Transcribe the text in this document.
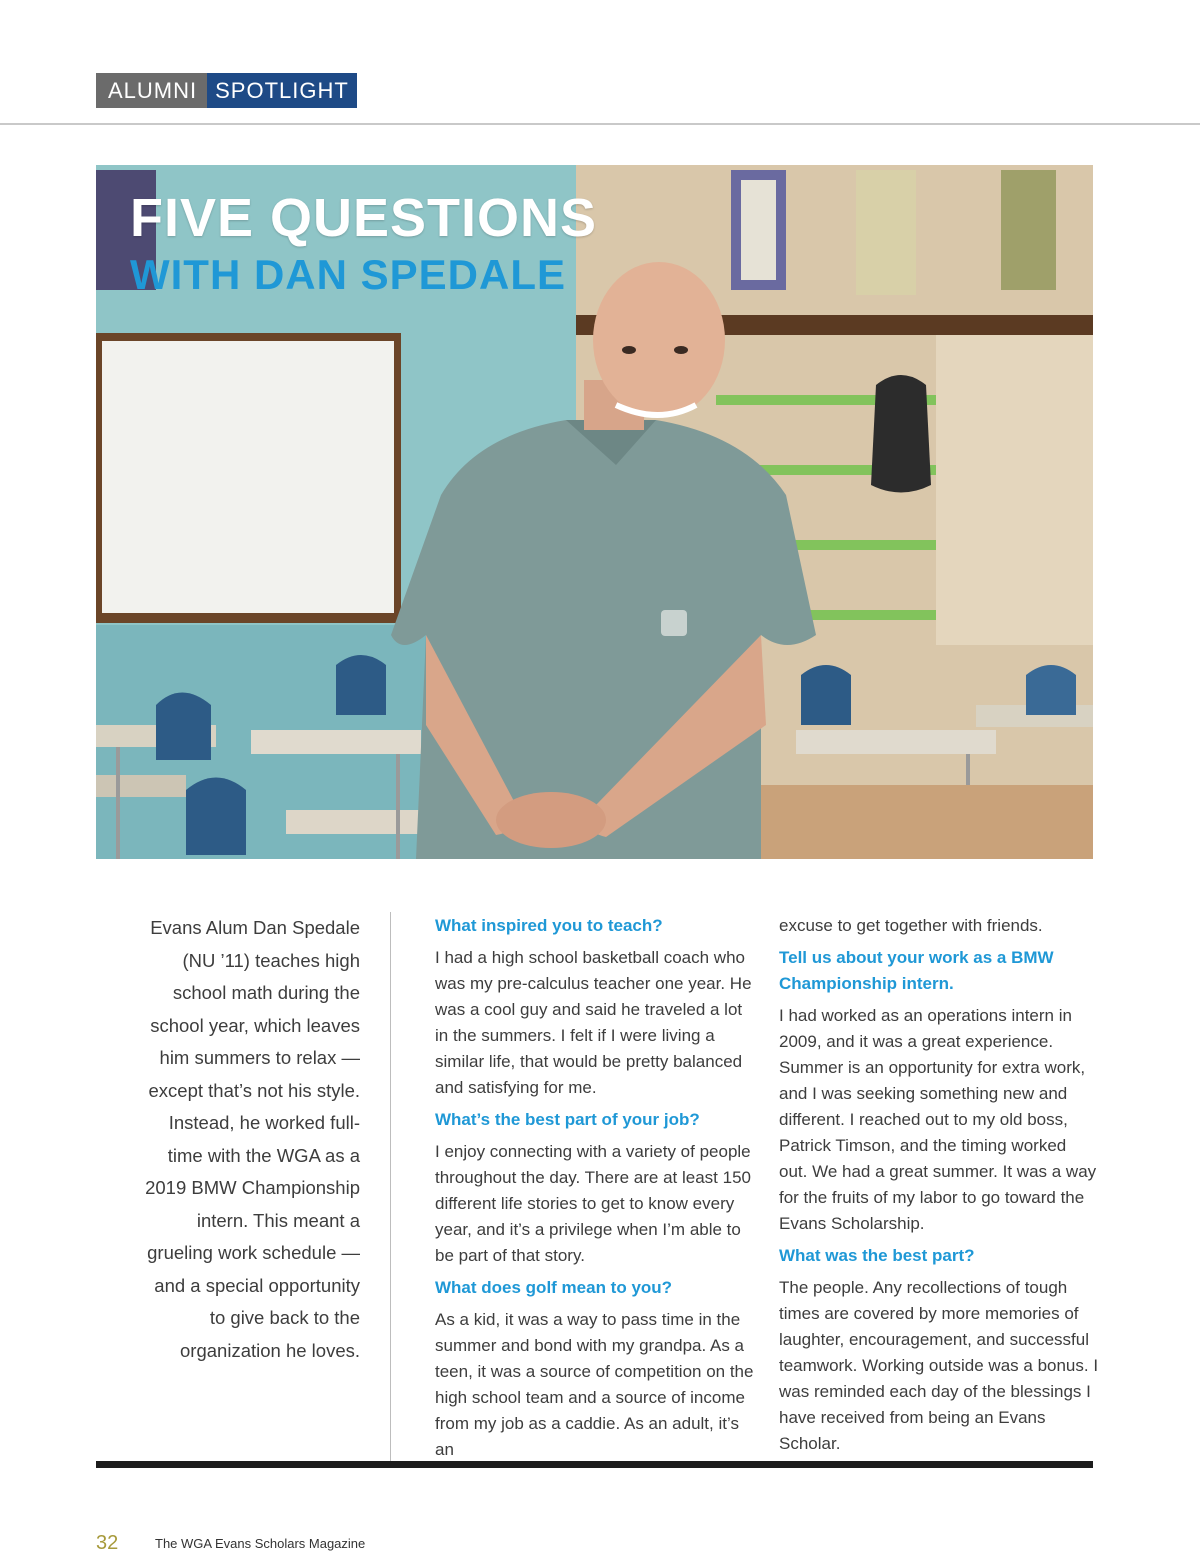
ALUMNI SPOTLIGHT
FIVE QUESTIONS
WITH DAN SPEDALE
Evans Alum Dan Spedale (NU ’11) teaches high school math during the school year, which leaves him summers to relax — except that’s not his style. Instead, he worked full-time with the WGA as a 2019 BMW Championship intern. This meant a grueling work schedule — and a special opportunity to give back to the organization he loves.
What inspired you to teach?
I had a high school basketball coach who was my pre-calculus teacher one year. He was a cool guy and said he traveled a lot in the summers. I felt if I were living a similar life, that would be pretty balanced and satisfying for me.
What’s the best part of your job?
I enjoy connecting with a variety of people throughout the day. There are at least 150 different life stories to get to know every year, and it’s a privilege when I’m able to be part of that story.
What does golf mean to you?
As a kid, it was a way to pass time in the summer and bond with my grandpa. As a teen, it was a source of competition on the high school team and a source of income from my job as a caddie. As an adult, it’s an
excuse to get together with friends.
Tell us about your work as a BMW Championship intern.
I had worked as an operations intern in 2009, and it was a great experience. Summer is an opportunity for extra work, and I was seeking something new and different. I reached out to my old boss, Patrick Timson, and the timing worked out. We had a great summer. It was a way for the fruits of my labor to go toward the Evans Scholarship.
What was the best part?
The people. Any recollections of tough times are covered by more memories of laughter, encouragement, and successful teamwork. Working outside was a bonus. I was reminded each day of the blessings I have received from being an Evans Scholar.
32	The WGA Evans Scholars Magazine
